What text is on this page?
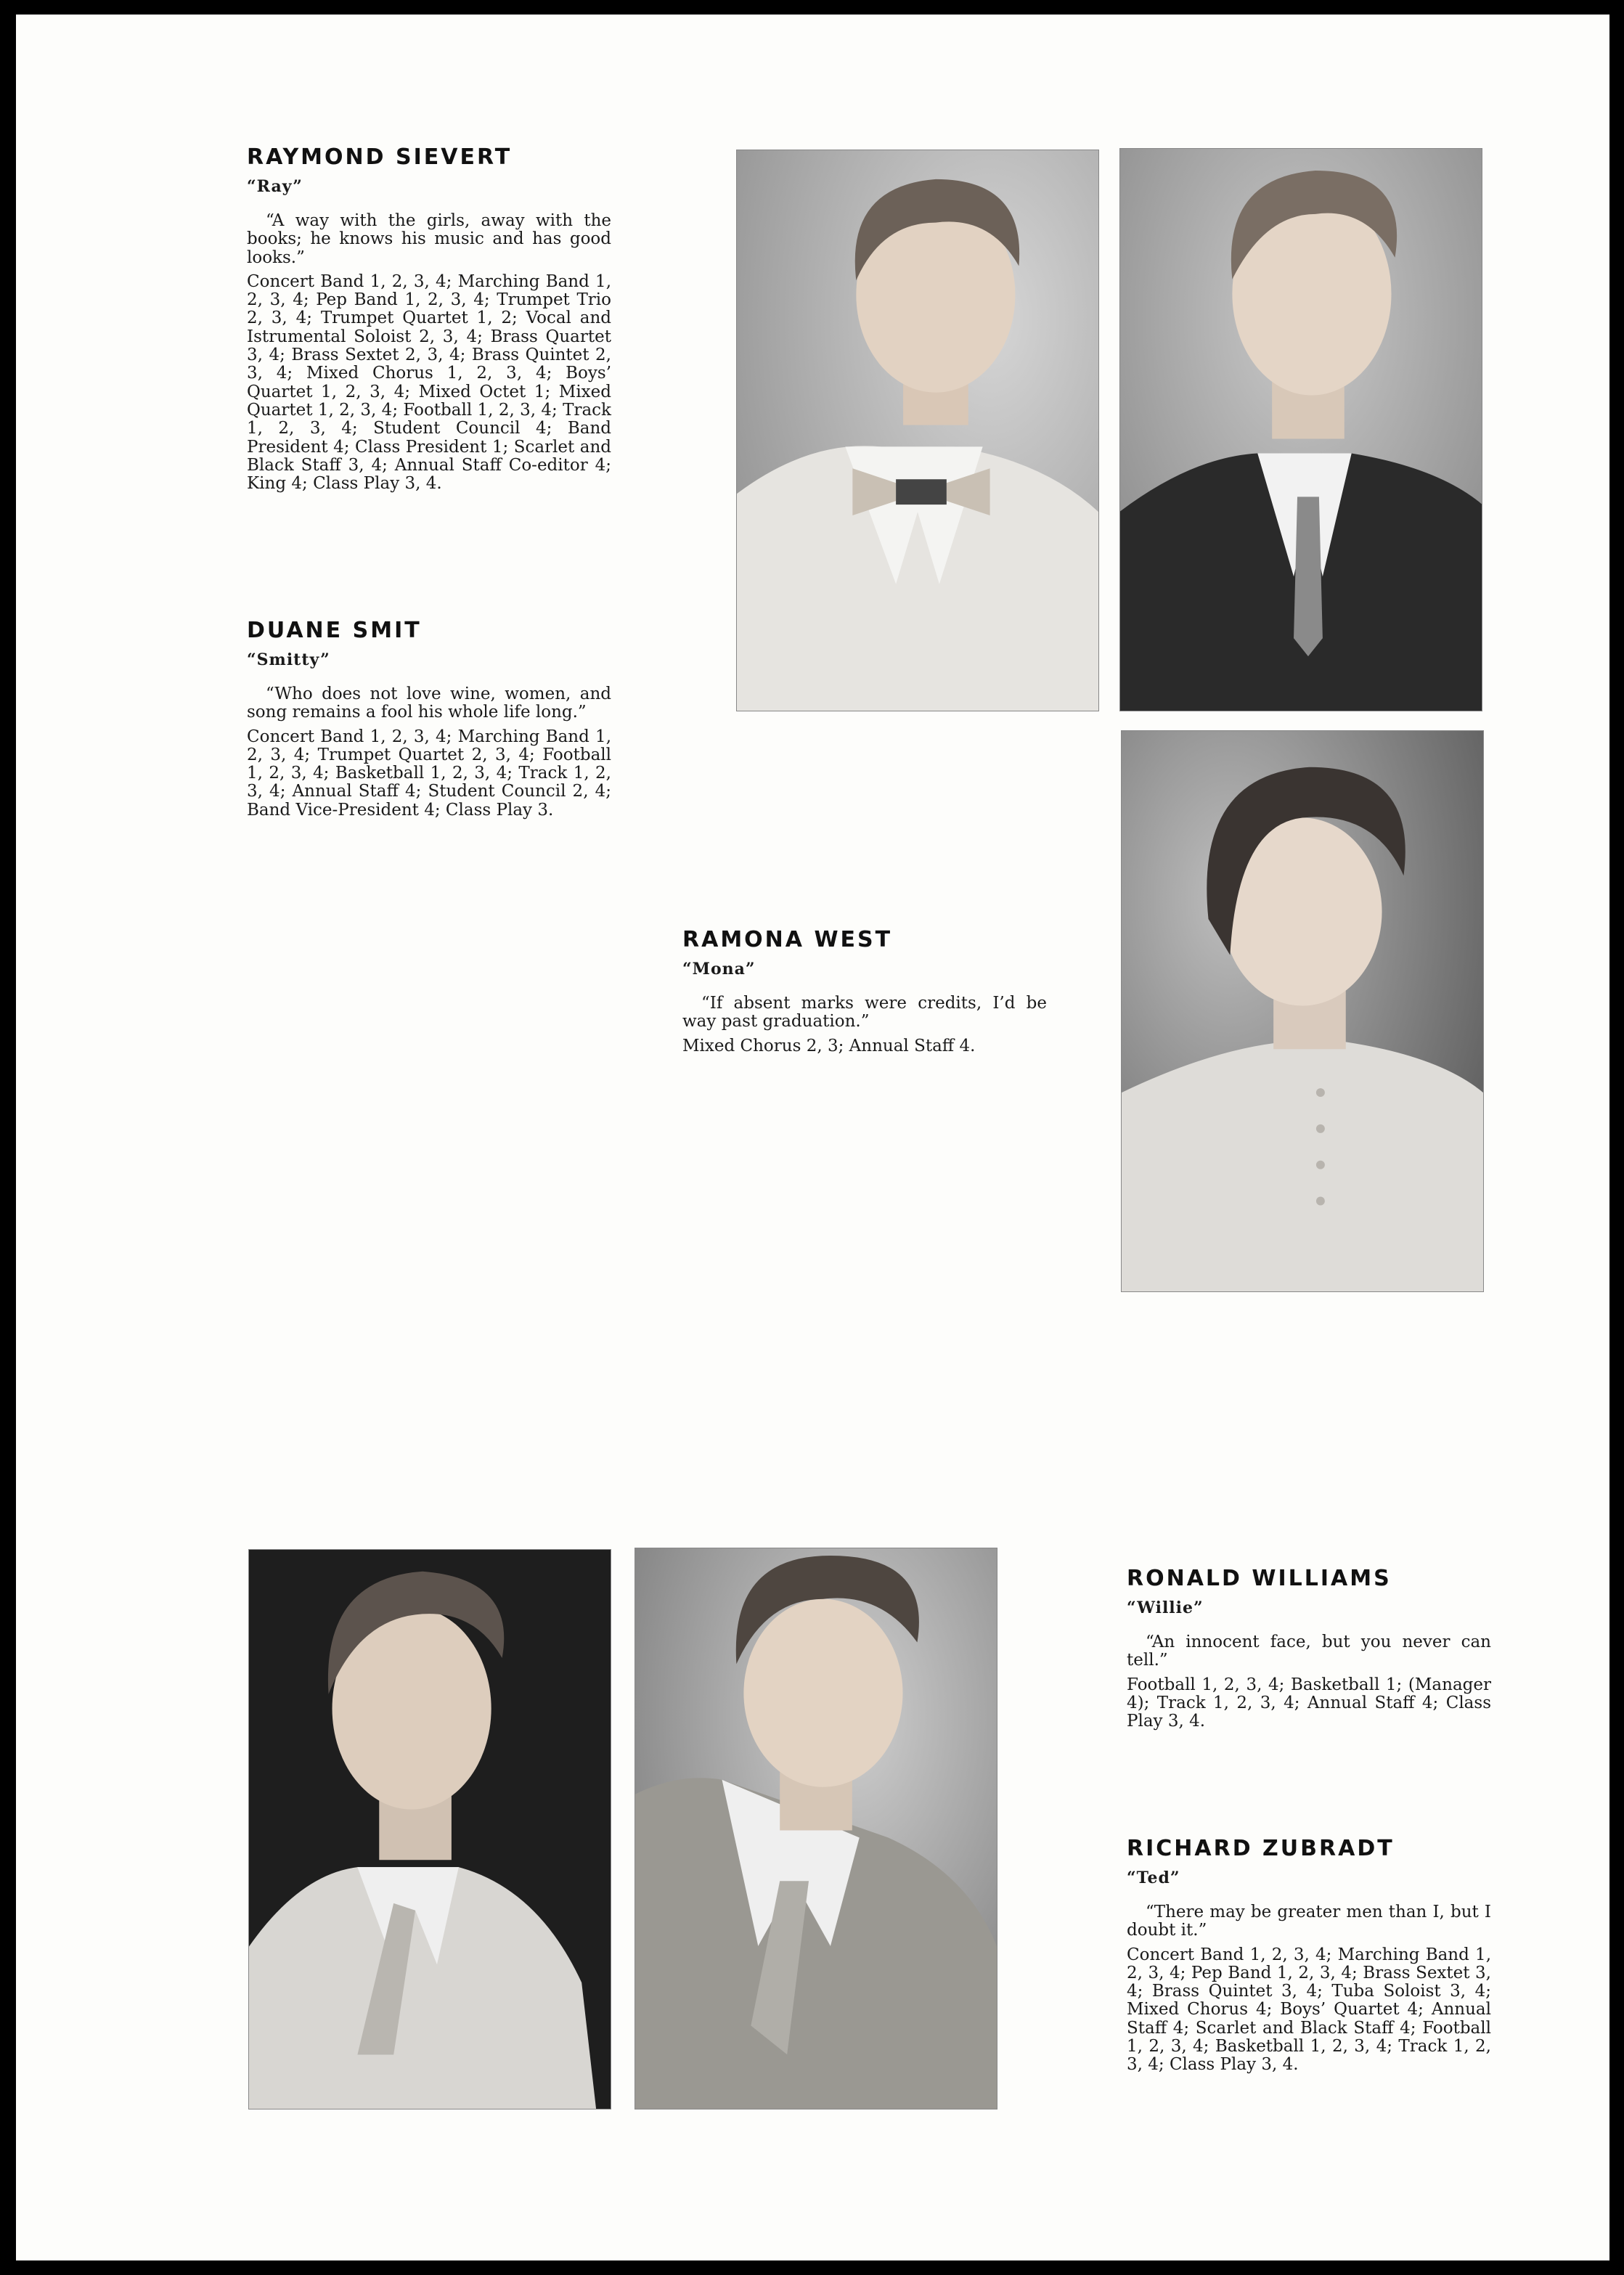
RAYMOND SIEVERT
“Ray”

“A way with the girls, away with the books; he knows his music and has good looks.”

Concert Band 1, 2, 3, 4; Marching Band 1, 2, 3, 4; Pep Band 1, 2, 3, 4; Trumpet Trio 2, 3, 4; Trumpet Quartet 1, 2; Vocal and Istrumental Soloist 2, 3, 4; Brass Quartet 3, 4; Brass Sextet 2, 3, 4; Brass Quintet 2, 3, 4; Mixed Chorus 1, 2, 3, 4; Boys’ Quartet 1, 2, 3, 4; Mixed Octet 1; Mixed Quartet 1, 2, 3, 4; Football 1, 2, 3, 4; Track 1, 2, 3, 4; Student Council 4; Band President 4; Class President 1; Scarlet and Black Staff 3, 4; Annual Staff Co-editor 4; King 4; Class Play 3, 4.

DUANE SMIT
“Smitty”

“Who does not love wine, women, and song remains a fool his whole life long.”

Concert Band 1, 2, 3, 4; Marching Band 1, 2, 3, 4; Trumpet Quartet 2, 3, 4; Football 1, 2, 3, 4; Basketball 1, 2, 3, 4; Track 1, 2, 3, 4; Annual Staff 4; Student Council 2, 4; Band Vice-President 4; Class Play 3.

RAMONA WEST
“Mona”

“If absent marks were credits, I’d be way past graduation.”

Mixed Chorus 2, 3; Annual Staff 4.

RONALD WILLIAMS
“Willie”

“An innocent face, but you never can tell.”

Football 1, 2, 3, 4; Basketball 1; (Manager 4); Track 1, 2, 3, 4; Annual Staff 4; Class Play 3, 4.

RICHARD ZUBRADT
“Ted”

“There may be greater men than I, but I doubt it.”

Concert Band 1, 2, 3, 4; Marching Band 1, 2, 3, 4; Pep Band 1, 2, 3, 4; Brass Sextet 3, 4; Brass Quintet 3, 4; Tuba Soloist 3, 4; Mixed Chorus 4; Boys’ Quartet 4; Annual Staff 4; Scarlet and Black Staff 4; Football 1, 2, 3, 4; Basketball 1, 2, 3, 4; Track 1, 2, 3, 4; Class Play 3, 4.
